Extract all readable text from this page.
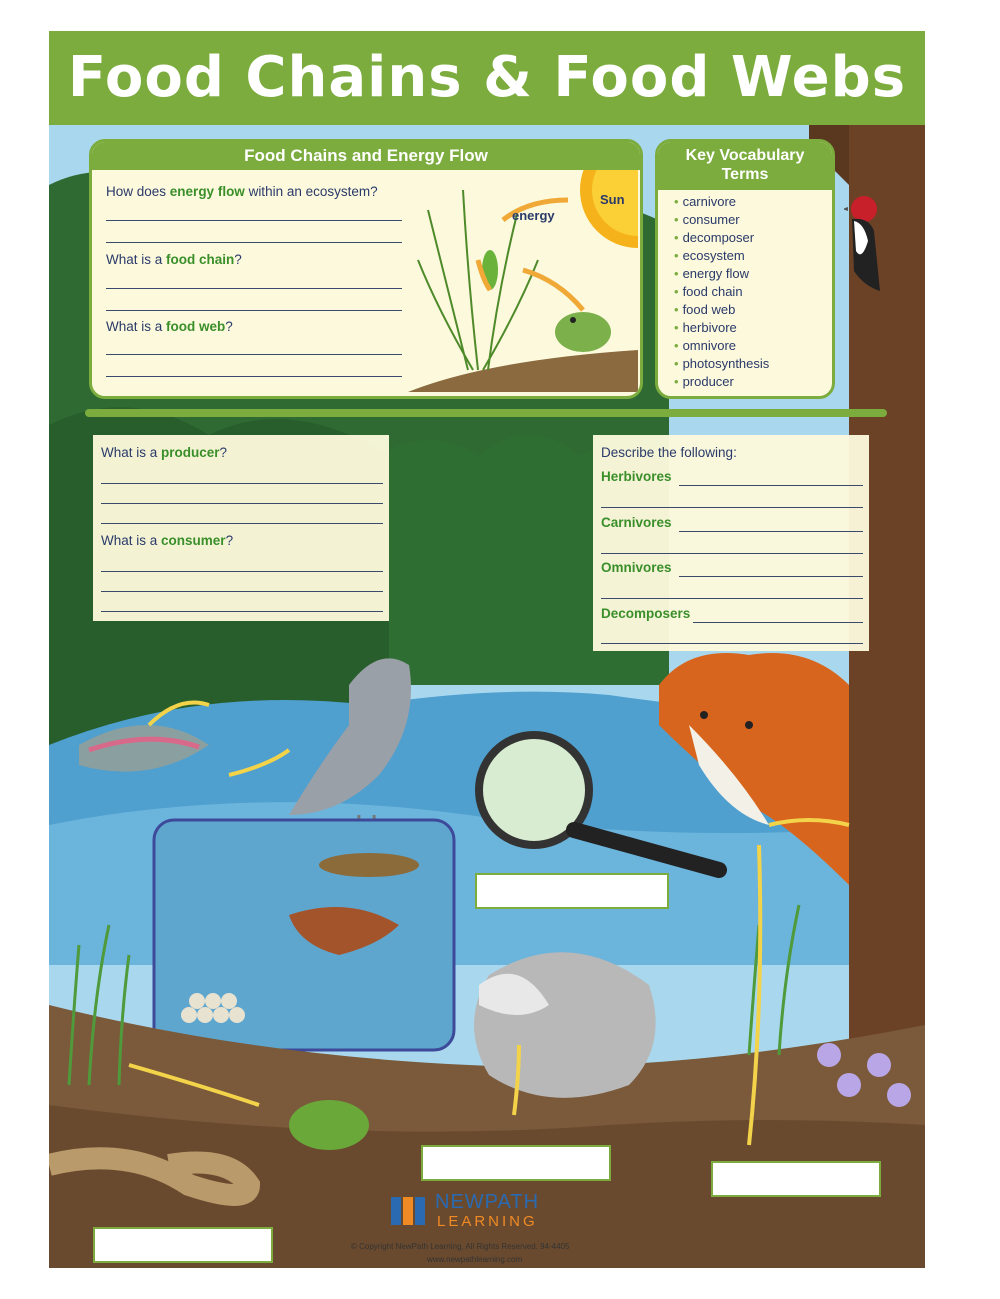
Food Chains & Food Webs
Food Chains and Energy Flow
How does energy flow within an ecosystem?
What is a food chain?
What is a food web?
Sun
energy
Key Vocabulary
Terms
• carnivore
• consumer
• decomposer
• ecosystem
• energy flow
• food chain
• food web
• herbivore
• omnivore
• photosynthesis
• producer
What is a producer?
What is a consumer?
Describe the following:
Herbivores
Carnivores
Omnivores
Decomposers
NEWPATH
LEARNING
© Copyright NewPath Learning. All Rights Reserved. 94-4405
www.newpathlearning.com
